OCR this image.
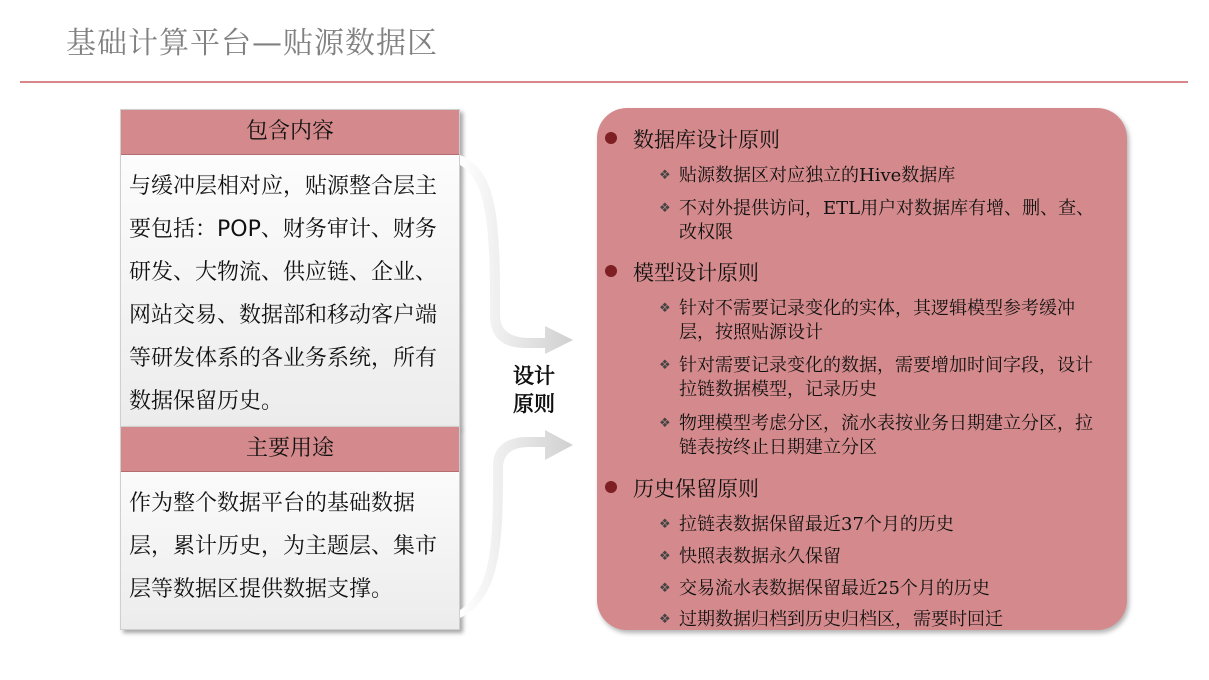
基础计算平台—贴源数据区
包含内容
与缓冲层相对应，贴源整合层主要包括：POP、财务审计、财务研发、大物流、供应链、企业、网站交易、数据部和移动客户端等研发体系的各业务系统，所有数据保留历史。
主要用途
作为整个数据平台的基础数据层，累计历史，为主题层、集市层等数据区提供数据支撑。
设计原则
数据库设计原则
❖ 贴源数据区对应独立的Hive数据库
❖ 不对外提供访问，ETL用户对数据库有增、删、查、改权限
模型设计原则
❖ 针对不需要记录变化的实体，其逻辑模型参考缓冲层，按照贴源设计
❖ 针对需要记录变化的数据，需要增加时间字段，设计拉链数据模型，记录历史
❖ 物理模型考虑分区，流水表按业务日期建立分区，拉链表按终止日期建立分区
历史保留原则
❖ 拉链表数据保留最近37个月的历史
❖ 快照表数据永久保留
❖ 交易流水表数据保留最近25个月的历史
❖ 过期数据归档到历史归档区，需要时回迁
